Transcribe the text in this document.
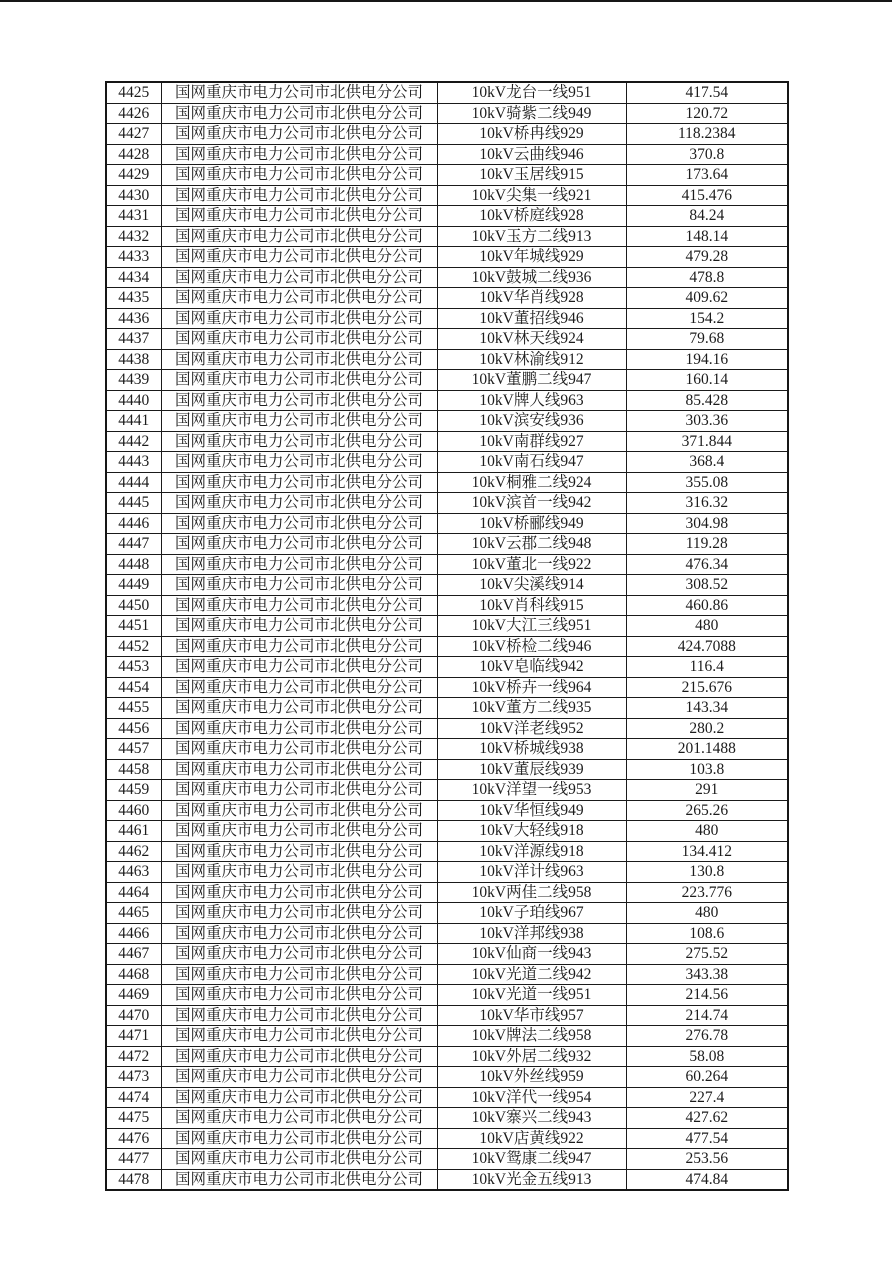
4425	国网重庆市电力公司市北供电分公司	10kV龙台一线951	417.54
4426	国网重庆市电力公司市北供电分公司	10kV骑紫二线949	120.72
4427	国网重庆市电力公司市北供电分公司	10kV桥冉线929	118.2384
4428	国网重庆市电力公司市北供电分公司	10kV云曲线946	370.8
4429	国网重庆市电力公司市北供电分公司	10kV玉居线915	173.64
4430	国网重庆市电力公司市北供电分公司	10kV尖集一线921	415.476
4431	国网重庆市电力公司市北供电分公司	10kV桥庭线928	84.24
4432	国网重庆市电力公司市北供电分公司	10kV玉方二线913	148.14
4433	国网重庆市电力公司市北供电分公司	10kV年城线929	479.28
4434	国网重庆市电力公司市北供电分公司	10kV鼓城二线936	478.8
4435	国网重庆市电力公司市北供电分公司	10kV华肖线928	409.62
4436	国网重庆市电力公司市北供电分公司	10kV董招线946	154.2
4437	国网重庆市电力公司市北供电分公司	10kV林天线924	79.68
4438	国网重庆市电力公司市北供电分公司	10kV林渝线912	194.16
4439	国网重庆市电力公司市北供电分公司	10kV董鹏二线947	160.14
4440	国网重庆市电力公司市北供电分公司	10kV牌人线963	85.428
4441	国网重庆市电力公司市北供电分公司	10kV滨安线936	303.36
4442	国网重庆市电力公司市北供电分公司	10kV南群线927	371.844
4443	国网重庆市电力公司市北供电分公司	10kV南石线947	368.4
4444	国网重庆市电力公司市北供电分公司	10kV桐雅二线924	355.08
4445	国网重庆市电力公司市北供电分公司	10kV滨首一线942	316.32
4446	国网重庆市电力公司市北供电分公司	10kV桥郦线949	304.98
4447	国网重庆市电力公司市北供电分公司	10kV云郡二线948	119.28
4448	国网重庆市电力公司市北供电分公司	10kV董北一线922	476.34
4449	国网重庆市电力公司市北供电分公司	10kV尖溪线914	308.52
4450	国网重庆市电力公司市北供电分公司	10kV肖科线915	460.86
4451	国网重庆市电力公司市北供电分公司	10kV大江三线951	480
4452	国网重庆市电力公司市北供电分公司	10kV桥检二线946	424.7088
4453	国网重庆市电力公司市北供电分公司	10kV皂临线942	116.4
4454	国网重庆市电力公司市北供电分公司	10kV桥卉一线964	215.676
4455	国网重庆市电力公司市北供电分公司	10kV董方二线935	143.34
4456	国网重庆市电力公司市北供电分公司	10kV洋老线952	280.2
4457	国网重庆市电力公司市北供电分公司	10kV桥城线938	201.1488
4458	国网重庆市电力公司市北供电分公司	10kV董辰线939	103.8
4459	国网重庆市电力公司市北供电分公司	10kV洋望一线953	291
4460	国网重庆市电力公司市北供电分公司	10kV华恒线949	265.26
4461	国网重庆市电力公司市北供电分公司	10kV大轻线918	480
4462	国网重庆市电力公司市北供电分公司	10kV洋源线918	134.412
4463	国网重庆市电力公司市北供电分公司	10kV洋计线963	130.8
4464	国网重庆市电力公司市北供电分公司	10kV两佳二线958	223.776
4465	国网重庆市电力公司市北供电分公司	10kV子珀线967	480
4466	国网重庆市电力公司市北供电分公司	10kV洋邦线938	108.6
4467	国网重庆市电力公司市北供电分公司	10kV仙商一线943	275.52
4468	国网重庆市电力公司市北供电分公司	10kV光道二线942	343.38
4469	国网重庆市电力公司市北供电分公司	10kV光道一线951	214.56
4470	国网重庆市电力公司市北供电分公司	10kV华市线957	214.74
4471	国网重庆市电力公司市北供电分公司	10kV牌法二线958	276.78
4472	国网重庆市电力公司市北供电分公司	10kV外居二线932	58.08
4473	国网重庆市电力公司市北供电分公司	10kV外丝线959	60.264
4474	国网重庆市电力公司市北供电分公司	10kV洋代一线954	227.4
4475	国网重庆市电力公司市北供电分公司	10kV寨兴二线943	427.62
4476	国网重庆市电力公司市北供电分公司	10kV店黄线922	477.54
4477	国网重庆市电力公司市北供电分公司	10kV鸳康二线947	253.56
4478	国网重庆市电力公司市北供电分公司	10kV光金五线913	474.84
